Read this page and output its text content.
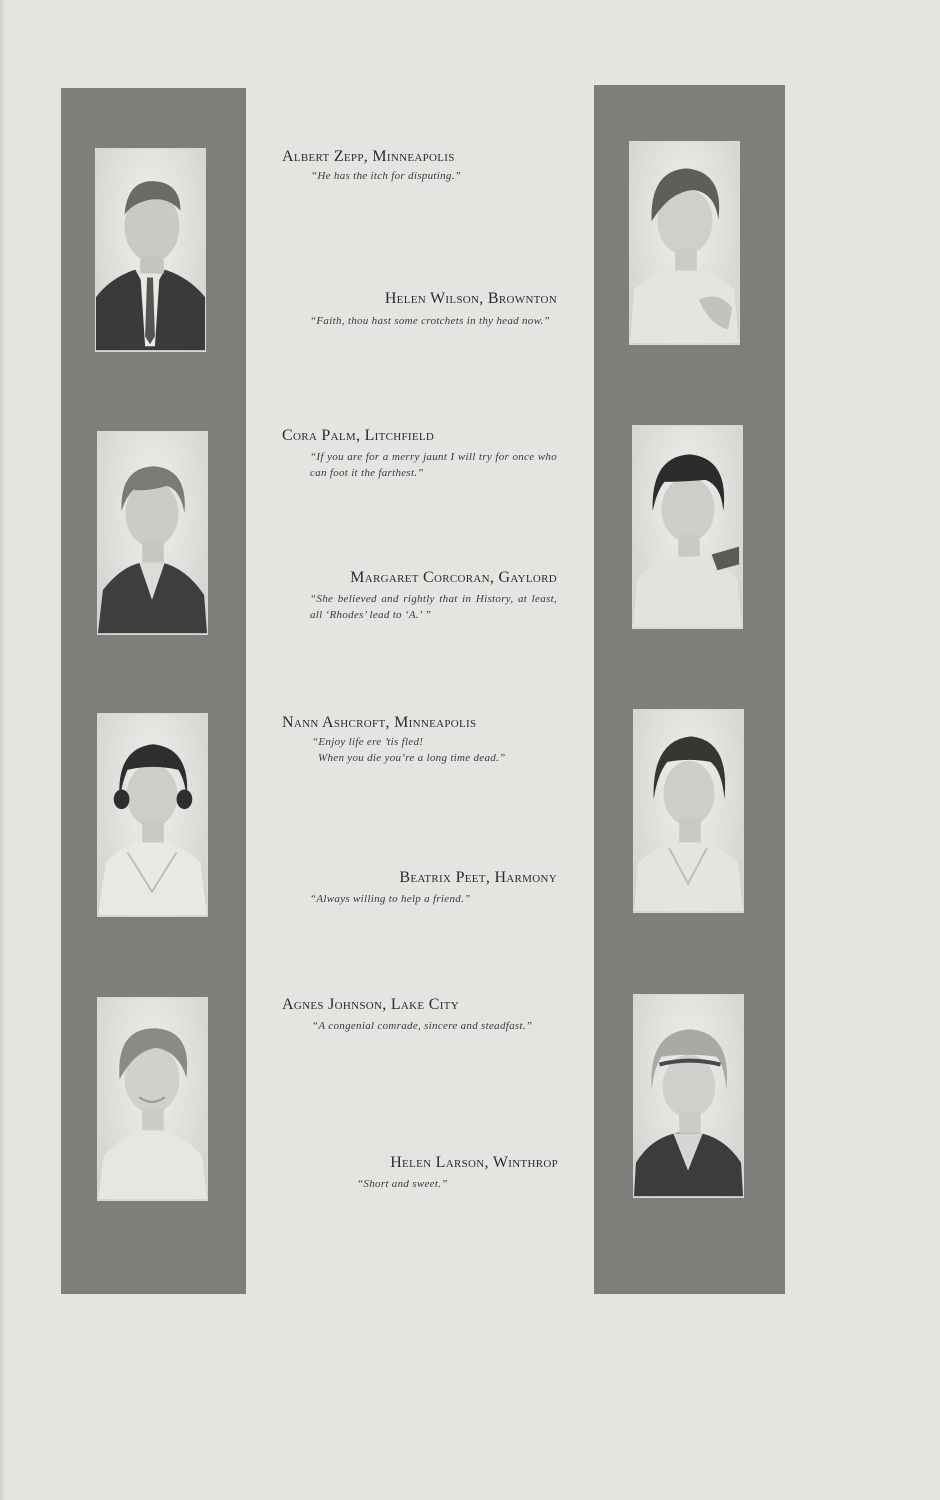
Albert Zepp, Minneapolis
“He has the itch for disputing.”
Helen Wilson, Brownton
“Faith, thou hast some crotchets in thy head now.”
Cora Palm, Litchfield
“If you are for a merry jaunt I will try for once who can foot it the farthest.”
Margaret Corcoran, Gaylord
“She believed and rightly that in History, at least, all ‘Rhodes’ lead to ‘A.’ ”
Nann Ashcroft, Minneapolis
“Enjoy life ere ’tis fled!
When you die you’re a long time dead.”
Beatrix Peet, Harmony
“Always willing to help a friend.”
Agnes Johnson, Lake City
“A congenial comrade, sincere and steadfast.”
Helen Larson, Winthrop
“Short and sweet.”
